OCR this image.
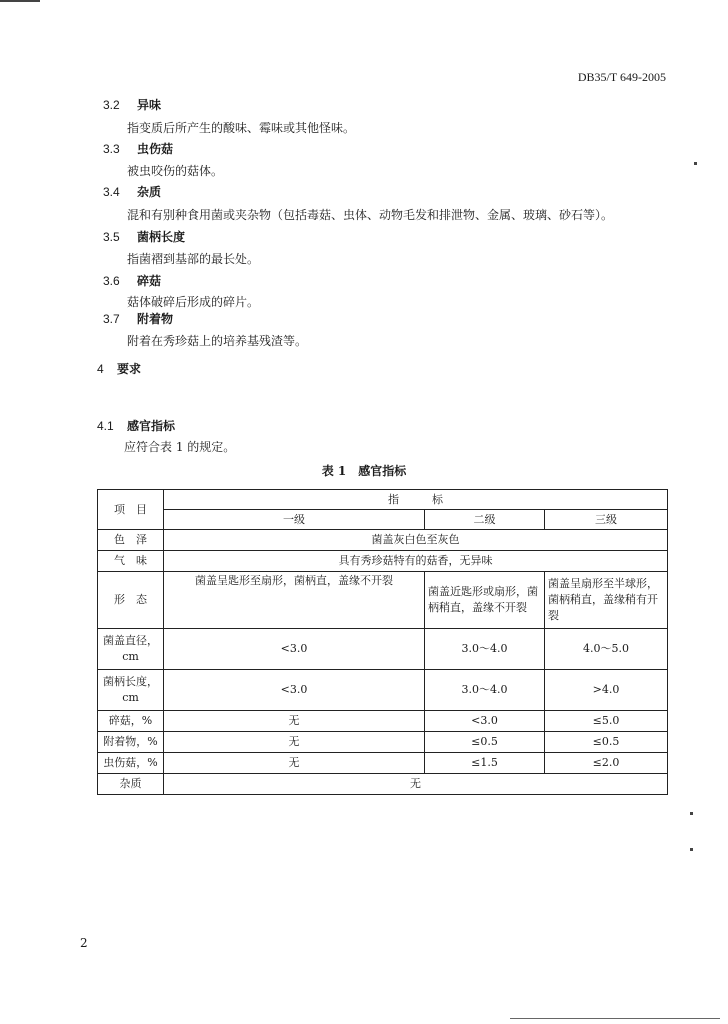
DB35/T 649-2005
3.2 异味
指变质后所产生的酸味、霉味或其他怪味。
3.3 虫伤菇
被虫咬伤的菇体。
3.4 杂质
混和有别种食用菌或夹杂物（包括毒菇、虫体、动物毛发和排泄物、金属、玻璃、砂石等）。
3.5 菌柄长度
指菌褶到基部的最长处。
3.6 碎菇
菇体破碎后形成的碎片。
3.7 附着物
附着在秀珍菇上的培养基残渣等。
4 要求
4.1 感官指标
应符合表 1 的规定。
表 1　感官指标
项　目	指　　　标		
	一级	二级	三级
色　泽	菌盖灰白色至灰色		
气　味	具有秀珍菇特有的菇香，无异味		
形　态	菌盖呈匙形至扇形，菌柄直，盖缘不开裂	菌盖近匙形或扇形，菌柄稍直，盖缘不开裂	菌盖呈扇形至半球形，菌柄稍直，盖缘稍有开裂
菌盖直径，cm	<3.0	3.0～4.0	4.0～5.0
菌柄长度，cm	<3.0	3.0～4.0	>4.0
碎菇，%	无	<3.0	≤5.0
附着物，%	无	≤0.5	≤0.5
虫伤菇，%	无	≤1.5	≤2.0
杂质	无		
2
